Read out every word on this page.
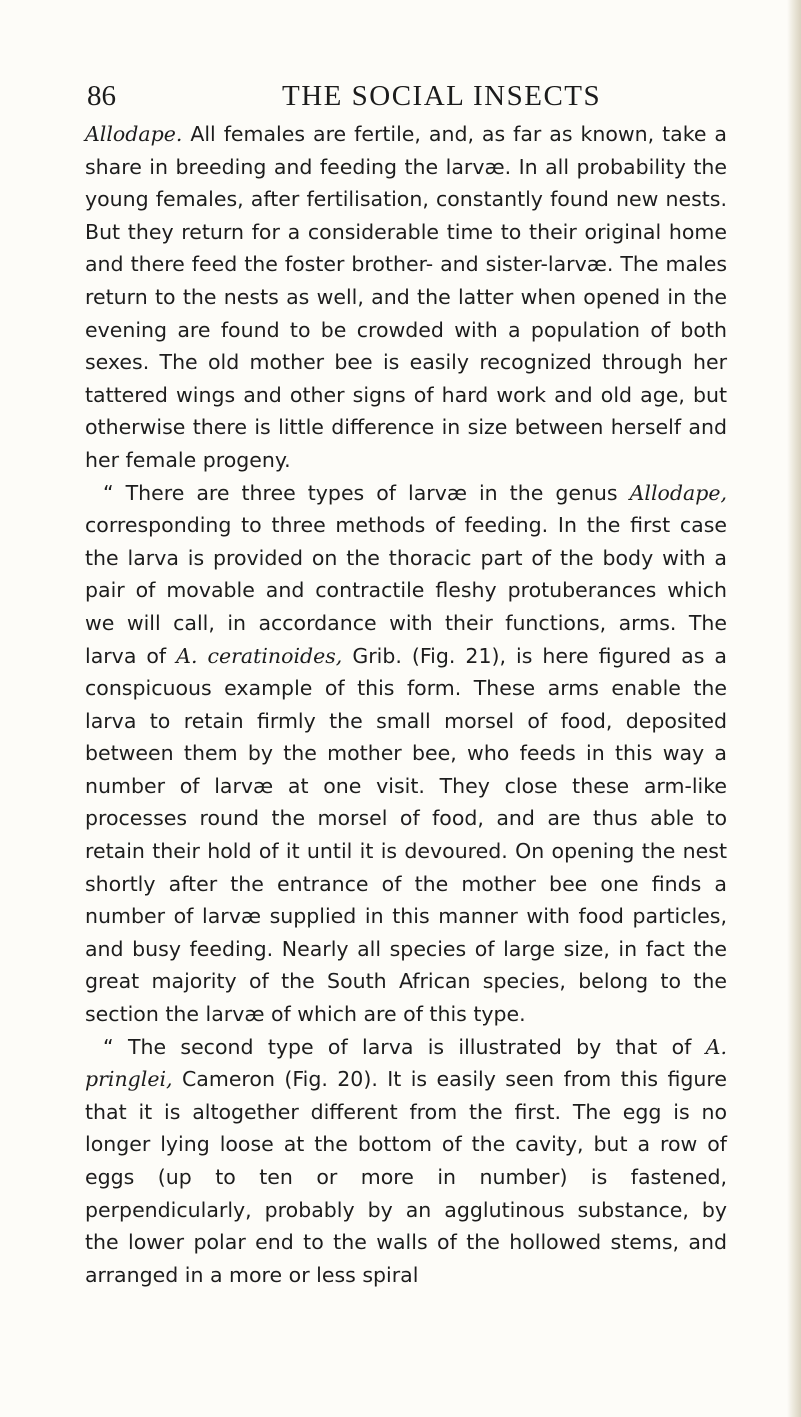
86	THE SOCIAL INSECTS

Allodape. All females are fertile, and, as far as known, take a share in breeding and feeding the larvæ. In all probability the young females, after fertilisation, constantly found new nests. But they return for a considerable time to their original home and there feed the foster brother- and sister-larvæ. The males return to the nests as well, and the latter when opened in the evening are found to be crowded with a population of both sexes. The old mother bee is easily recognized through her tattered wings and other signs of hard work and old age, but otherwise there is little difference in size between herself and her female progeny.

“ There are three types of larvæ in the genus Allodape, corresponding to three methods of feeding. In the first case the larva is provided on the thoracic part of the body with a pair of movable and contractile fleshy protuberances which we will call, in accordance with their functions, arms. The larva of A. ceratinoides, Grib. (Fig. 21), is here figured as a conspicuous example of this form. These arms enable the larva to retain firmly the small morsel of food, deposited between them by the mother bee, who feeds in this way a number of larvæ at one visit. They close these arm-like processes round the morsel of food, and are thus able to retain their hold of it until it is devoured. On opening the nest shortly after the entrance of the mother bee one finds a number of larvæ supplied in this manner with food particles, and busy feeding. Nearly all species of large size, in fact the great majority of the South African species, belong to the section the larvæ of which are of this type.

“ The second type of larva is illustrated by that of A. pringlei, Cameron (Fig. 20). It is easily seen from this figure that it is altogether different from the first. The egg is no longer lying loose at the bottom of the cavity, but a row of eggs (up to ten or more in number) is fastened, perpendicularly, probably by an agglutinous substance, by the lower polar end to the walls of the hollowed stems, and arranged in a more or less spiral
